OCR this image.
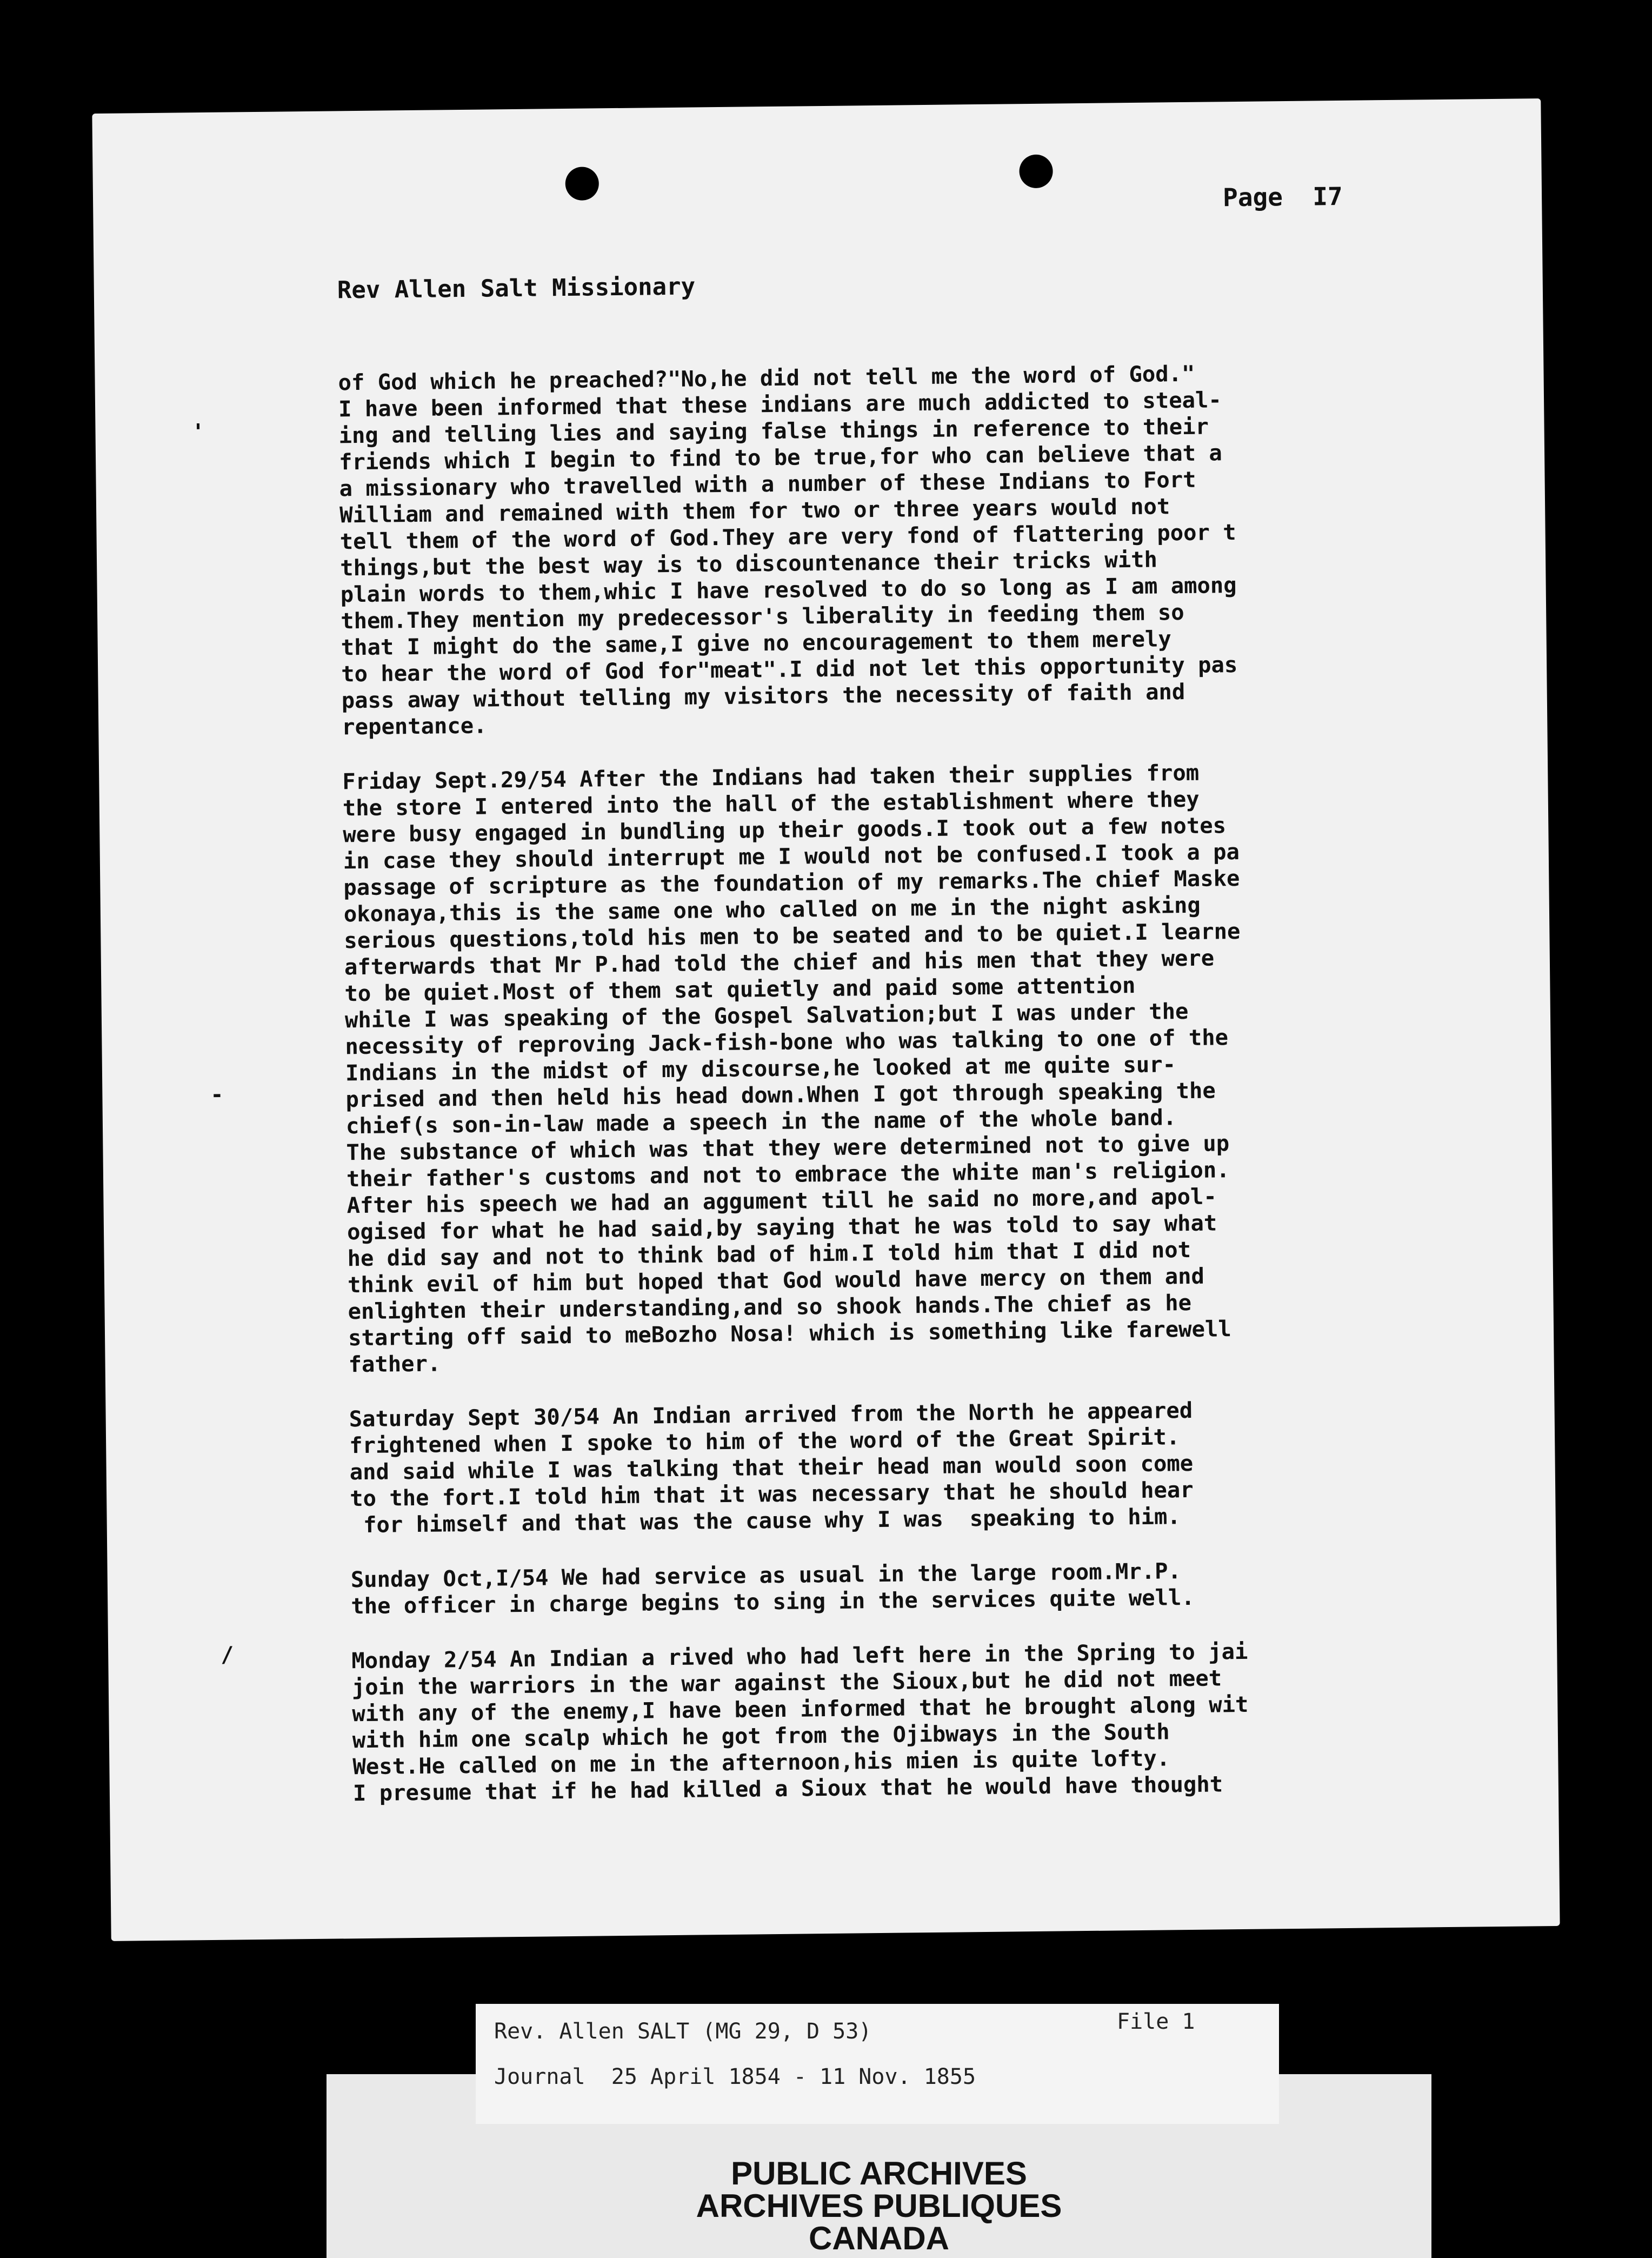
Page  I7
Rev Allen Salt Missionary
'
-
/
of God which he preached?"No,he did not tell me the word of God."
I have been informed that these indians are much addicted to steal-
ing and telling lies and saying false things in reference to their
friends which I begin to find to be true,for who can believe that a
a missionary who travelled with a number of these Indians to Fort
William and remained with them for two or three years would not
tell them of the word of God.They are very fond of flattering poor t
things,but the best way is to discountenance their tricks with
plain words to them,whic I have resolved to do so long as I am among
them.They mention my predecessor's liberality in feeding them so
that I might do the same,I give no encouragement to them merely
to hear the word of God for"meat".I did not let this opportunity pas
pass away without telling my visitors the necessity of faith and
repentance.
Friday Sept.29/54 After the Indians had taken their supplies from
the store I entered into the hall of the establishment where they
were busy engaged in bundling up their goods.I took out a few notes
in case they should interrupt me I would not be confused.I took a pa
passage of scripture as the foundation of my remarks.The chief Maske
okonaya,this is the same one who called on me in the night asking
serious questions,told his men to be seated and to be quiet.I learne
afterwards that Mr P.had told the chief and his men that they were
to be quiet.Most of them sat quietly and paid some attention
while I was speaking of the Gospel Salvation;but I was under the
necessity of reproving Jack-fish-bone who was talking to one of the
Indians in the midst of my discourse,he looked at me quite sur-
prised and then held his head down.When I got through speaking the
chief(s son-in-law made a speech in the name of the whole band.
The substance of which was that they were determined not to give up
their father's customs and not to embrace the white man's religion.
After his speech we had an aggument till he said no more,and apol-
ogised for what he had said,by saying that he was told to say what
he did say and not to think bad of him.I told him that I did not
think evil of him but hoped that God would have mercy on them and
enlighten their understanding,and so shook hands.The chief as he
starting off said to meBozho Nosa! which is something like farewell
father.
Saturday Sept 30/54 An Indian arrived from the North he appeared
frightened when I spoke to him of the word of the Great Spirit.
and said while I was talking that their head man would soon come
to the fort.I told him that it was necessary that he should hear
for himself and that was the cause why I was  speaking to him.
Sunday Oct,I/54 We had service as usual in the large room.Mr.P.
the officer in charge begins to sing in the services quite well.
Monday 2/54 An Indian a rived who had left here in the Spring to jai
join the warriors in the war against the Sioux,but he did not meet
with any of the enemy,I have been informed that he brought along wit
with him one scalp which he got from the Ojibways in the South
West.He called on me in the afternoon,his mien is quite lofty.
I presume that if he had killed a Sioux that he would have thought
Rev. Allen SALT (MG 29, D 53)	File 1
Journal  25 April 1854 - 11 Nov. 1855
PUBLIC ARCHIVES
ARCHIVES PUBLIQUES
CANADA
